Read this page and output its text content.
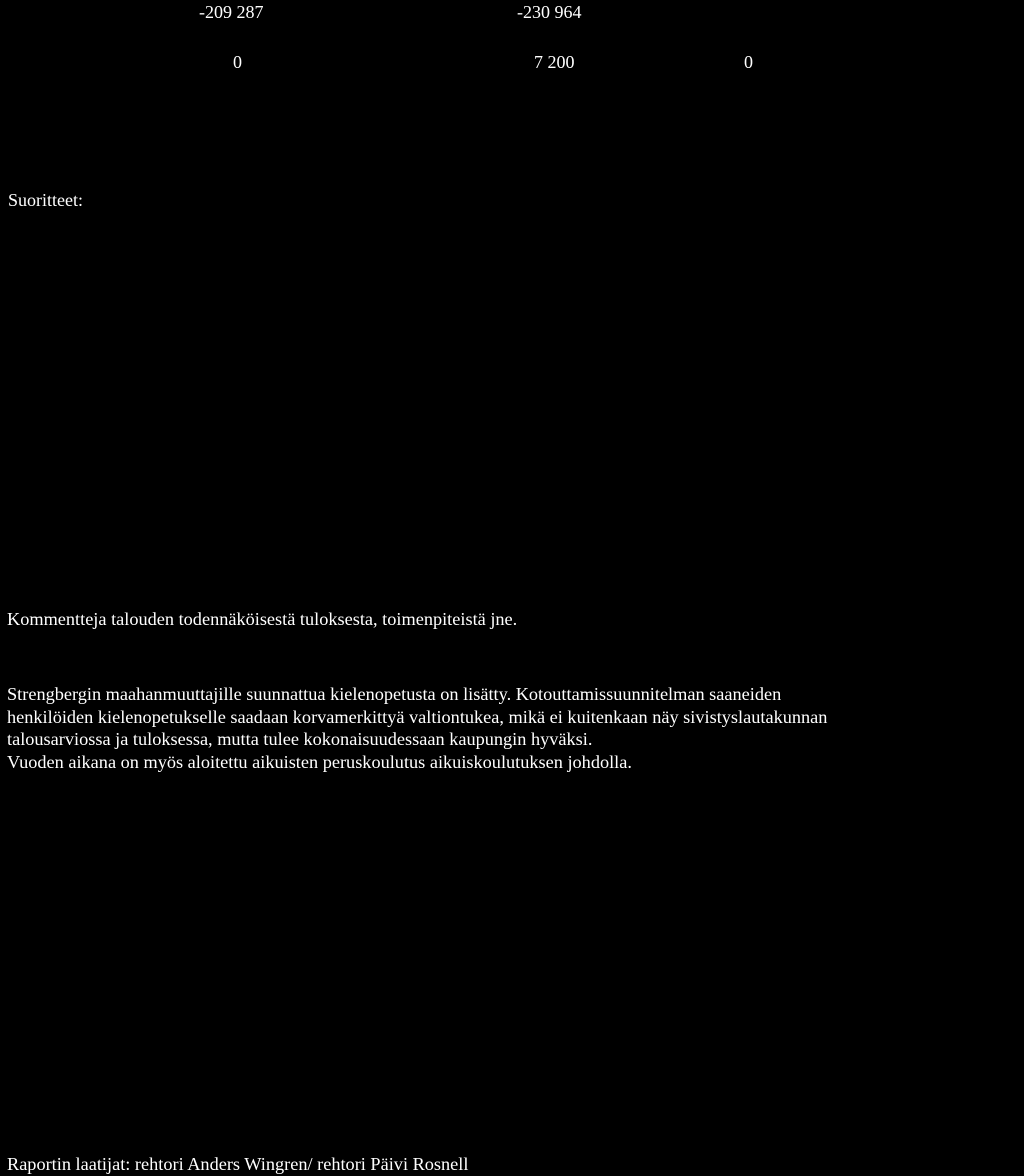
-209 287	-230 964
0	7 200	0
Suoritteet:
Kommentteja talouden todennäköisestä tuloksesta, toimenpiteistä jne.
Strengbergin maahanmuuttajille suunnattua kielenopetusta on lisätty. Kotouttamissuunnitelman saaneiden
henkilöiden kielenopetukselle saadaan korvamerkittyä valtiontukea, mikä ei kuitenkaan näy sivistyslautakunnan
talousarviossa ja tuloksessa, mutta tulee kokonaisuudessaan kaupungin hyväksi.
Vuoden aikana on myös aloitettu aikuisten peruskoulutus aikuiskoulutuksen johdolla.
Raportin laatijat: rehtori Anders Wingren/ rehtori Päivi Rosnell
